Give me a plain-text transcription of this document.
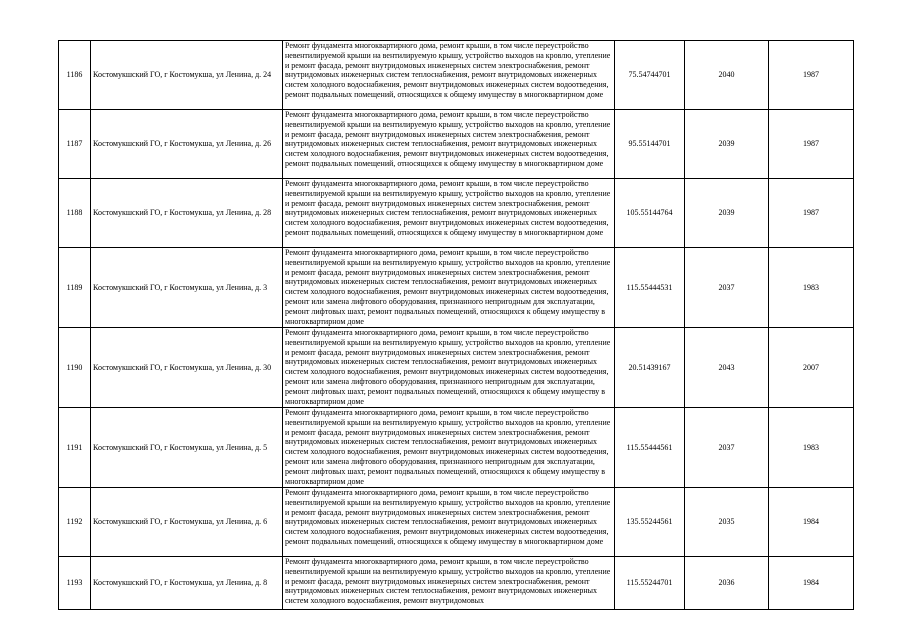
1186	Костомукшский ГО, г Костомукша, ул Ленина, д. 24	Ремонт фундамента многоквартирного дома, ремонт крыши, в том числе переустройство невентилируемой крыши на вентилируемую крышу, устройство выходов на кровлю, утепление и ремонт фасада, ремонт внутридомовых инженерных систем электроснабжения, ремонт внутридомовых инженерных систем теплоснабжения, ремонт внутридомовых инженерных систем холодного водоснабжения, ремонт внутридомовых инженерных систем водоотведения, ремонт подвальных помещений, относящихся к общему имуществу в многоквартирном доме	75.54744701	2040	1987
1187	Костомукшский ГО, г Костомукша, ул Ленина, д. 26	Ремонт фундамента многоквартирного дома, ремонт крыши, в том числе переустройство невентилируемой крыши на вентилируемую крышу, устройство выходов на кровлю, утепление и ремонт фасада, ремонт внутридомовых инженерных систем электроснабжения, ремонт внутридомовых инженерных систем теплоснабжения, ремонт внутридомовых инженерных систем холодного водоснабжения, ремонт внутридомовых инженерных систем водоотведения, ремонт подвальных помещений, относящихся к общему имуществу в многоквартирном доме	95.55144701	2039	1987
1188	Костомукшский ГО, г Костомукша, ул Ленина, д. 28	Ремонт фундамента многоквартирного дома, ремонт крыши, в том числе переустройство невентилируемой крыши на вентилируемую крышу, устройство выходов на кровлю, утепление и ремонт фасада, ремонт внутридомовых инженерных систем электроснабжения, ремонт внутридомовых инженерных систем теплоснабжения, ремонт внутридомовых инженерных систем холодного водоснабжения, ремонт внутридомовых инженерных систем водоотведения, ремонт подвальных помещений, относящихся к общему имуществу в многоквартирном доме	105.55144764	2039	1987
1189	Костомукшский ГО, г Костомукша, ул Ленина, д. 3	Ремонт фундамента многоквартирного дома, ремонт крыши, в том числе переустройство невентилируемой крыши на вентилируемую крышу, устройство выходов на кровлю, утепление и ремонт фасада, ремонт внутридомовых инженерных систем электроснабжения, ремонт внутридомовых инженерных систем теплоснабжения, ремонт внутридомовых инженерных систем холодного водоснабжения, ремонт внутридомовых инженерных систем водоотведения, ремонт или замена лифтового оборудования, признанного непригодным для эксплуатации, ремонт лифтовых шахт, ремонт подвальных помещений, относящихся к общему имуществу в многоквартирном доме	115.55444531	2037	1983
1190	Костомукшский ГО, г Костомукша, ул Ленина, д. 30	Ремонт фундамента многоквартирного дома, ремонт крыши, в том числе переустройство невентилируемой крыши на вентилируемую крышу, устройство выходов на кровлю, утепление и ремонт фасада, ремонт внутридомовых инженерных систем электроснабжения, ремонт внутридомовых инженерных систем теплоснабжения, ремонт внутридомовых инженерных систем холодного водоснабжения, ремонт внутридомовых инженерных систем водоотведения, ремонт или замена лифтового оборудования, признанного непригодным для эксплуатации, ремонт лифтовых шахт, ремонт подвальных помещений, относящихся к общему имуществу в многоквартирном доме	20.51439167	2043	2007
1191	Костомукшский ГО, г Костомукша, ул Ленина, д. 5	Ремонт фундамента многоквартирного дома, ремонт крыши, в том числе переустройство невентилируемой крыши на вентилируемую крышу, устройство выходов на кровлю, утепление и ремонт фасада, ремонт внутридомовых инженерных систем электроснабжения, ремонт внутридомовых инженерных систем теплоснабжения, ремонт внутридомовых инженерных систем холодного водоснабжения, ремонт внутридомовых инженерных систем водоотведения, ремонт или замена лифтового оборудования, признанного непригодным для эксплуатации, ремонт лифтовых шахт, ремонт подвальных помещений, относящихся к общему имуществу в многоквартирном доме	115.55444561	2037	1983
1192	Костомукшский ГО, г Костомукша, ул Ленина, д. 6	Ремонт фундамента многоквартирного дома, ремонт крыши, в том числе переустройство невентилируемой крыши на вентилируемую крышу, устройство выходов на кровлю, утепление и ремонт фасада, ремонт внутридомовых инженерных систем электроснабжения, ремонт внутридомовых инженерных систем теплоснабжения, ремонт внутридомовых инженерных систем холодного водоснабжения, ремонт внутридомовых инженерных систем водоотведения, ремонт подвальных помещений, относящихся к общему имуществу в многоквартирном доме	135.55244561	2035	1984
1193	Костомукшский ГО, г Костомукша, ул Ленина, д. 8	Ремонт фундамента многоквартирного дома, ремонт крыши, в том числе переустройство невентилируемой крыши на вентилируемую крышу, устройство выходов на кровлю, утепление и ремонт фасада, ремонт внутридомовых инженерных систем электроснабжения, ремонт внутридомовых инженерных систем теплоснабжения, ремонт внутридомовых инженерных систем холодного водоснабжения, ремонт внутридомовых	115.55244701	2036	1984
